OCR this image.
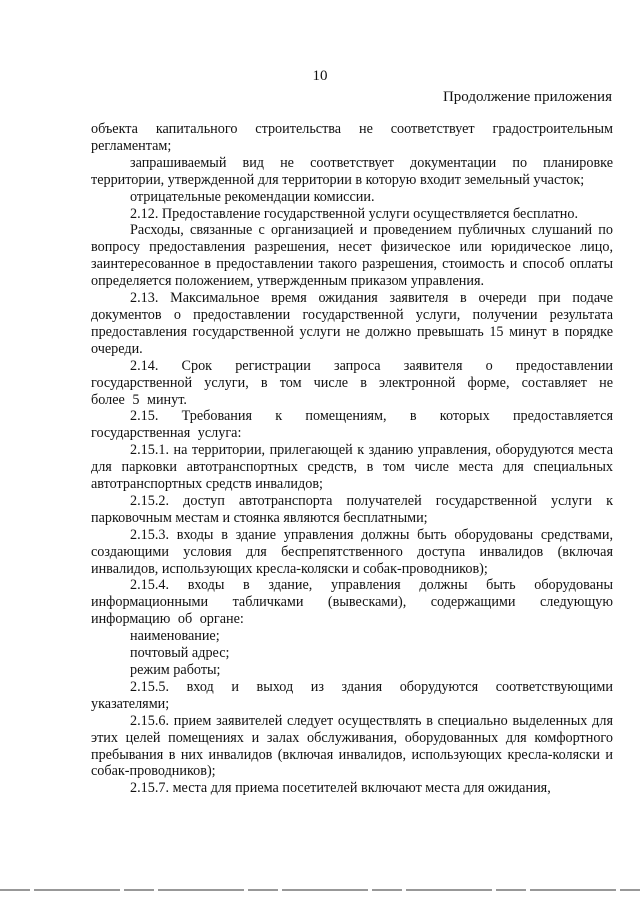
10
Продолжение приложения

объекта капитального строительства не соответствует градостроительным регламентам;

запрашиваемый вид не соответствует документации по планировке территории, утвержденной для территории в которую входит земельный участок;

отрицательные рекомендации комиссии.

2.12. Предоставление государственной услуги осуществляется бесплатно.

Расходы, связанные с организацией и проведением публичных слушаний по вопросу предоставления разрешения, несет физическое или юридическое лицо, заинтересованное в предоставлении такого разрешения, стоимость и способ оплаты определяется положением, утвержденным приказом управления.

2.13. Максимальное время ожидания заявителя в очереди при подаче документов о предоставлении государственной услуги, получении результата предоставления государственной услуги не должно превышать 15 минут в порядке очереди.

2.14. Срок регистрации запроса заявителя о предоставлении государственной услуги, в том числе в электронной форме, составляет не более 5 минут.

2.15. Требования к помещениям, в которых предоставляется государственная услуга:

2.15.1. на территории, прилегающей к зданию управления, оборудуются места для парковки автотранспортных средств, в том числе места для специальных автотранспортных средств инвалидов;

2.15.2. доступ автотранспорта получателей государственной услуги к парковочным местам и стоянка являются бесплатными;

2.15.3. входы в здание управления должны быть оборудованы средствами, создающими условия для беспрепятственного доступа инвалидов (включая инвалидов, использующих кресла-коляски и собак-проводников);

2.15.4. входы в здание, управления должны быть оборудованы информационными табличками (вывесками), содержащими следующую информацию об органе:

наименование;

почтовый адрес;

режим работы;

2.15.5. вход и выход из здания оборудуются соответствующими указателями;

2.15.6. прием заявителей следует осуществлять в специально выделенных для этих целей помещениях и залах обслуживания, оборудованных для комфортного пребывания в них инвалидов (включая инвалидов, использующих кресла-коляски и собак-проводников);

2.15.7. места для приема посетителей включают места для ожидания,
